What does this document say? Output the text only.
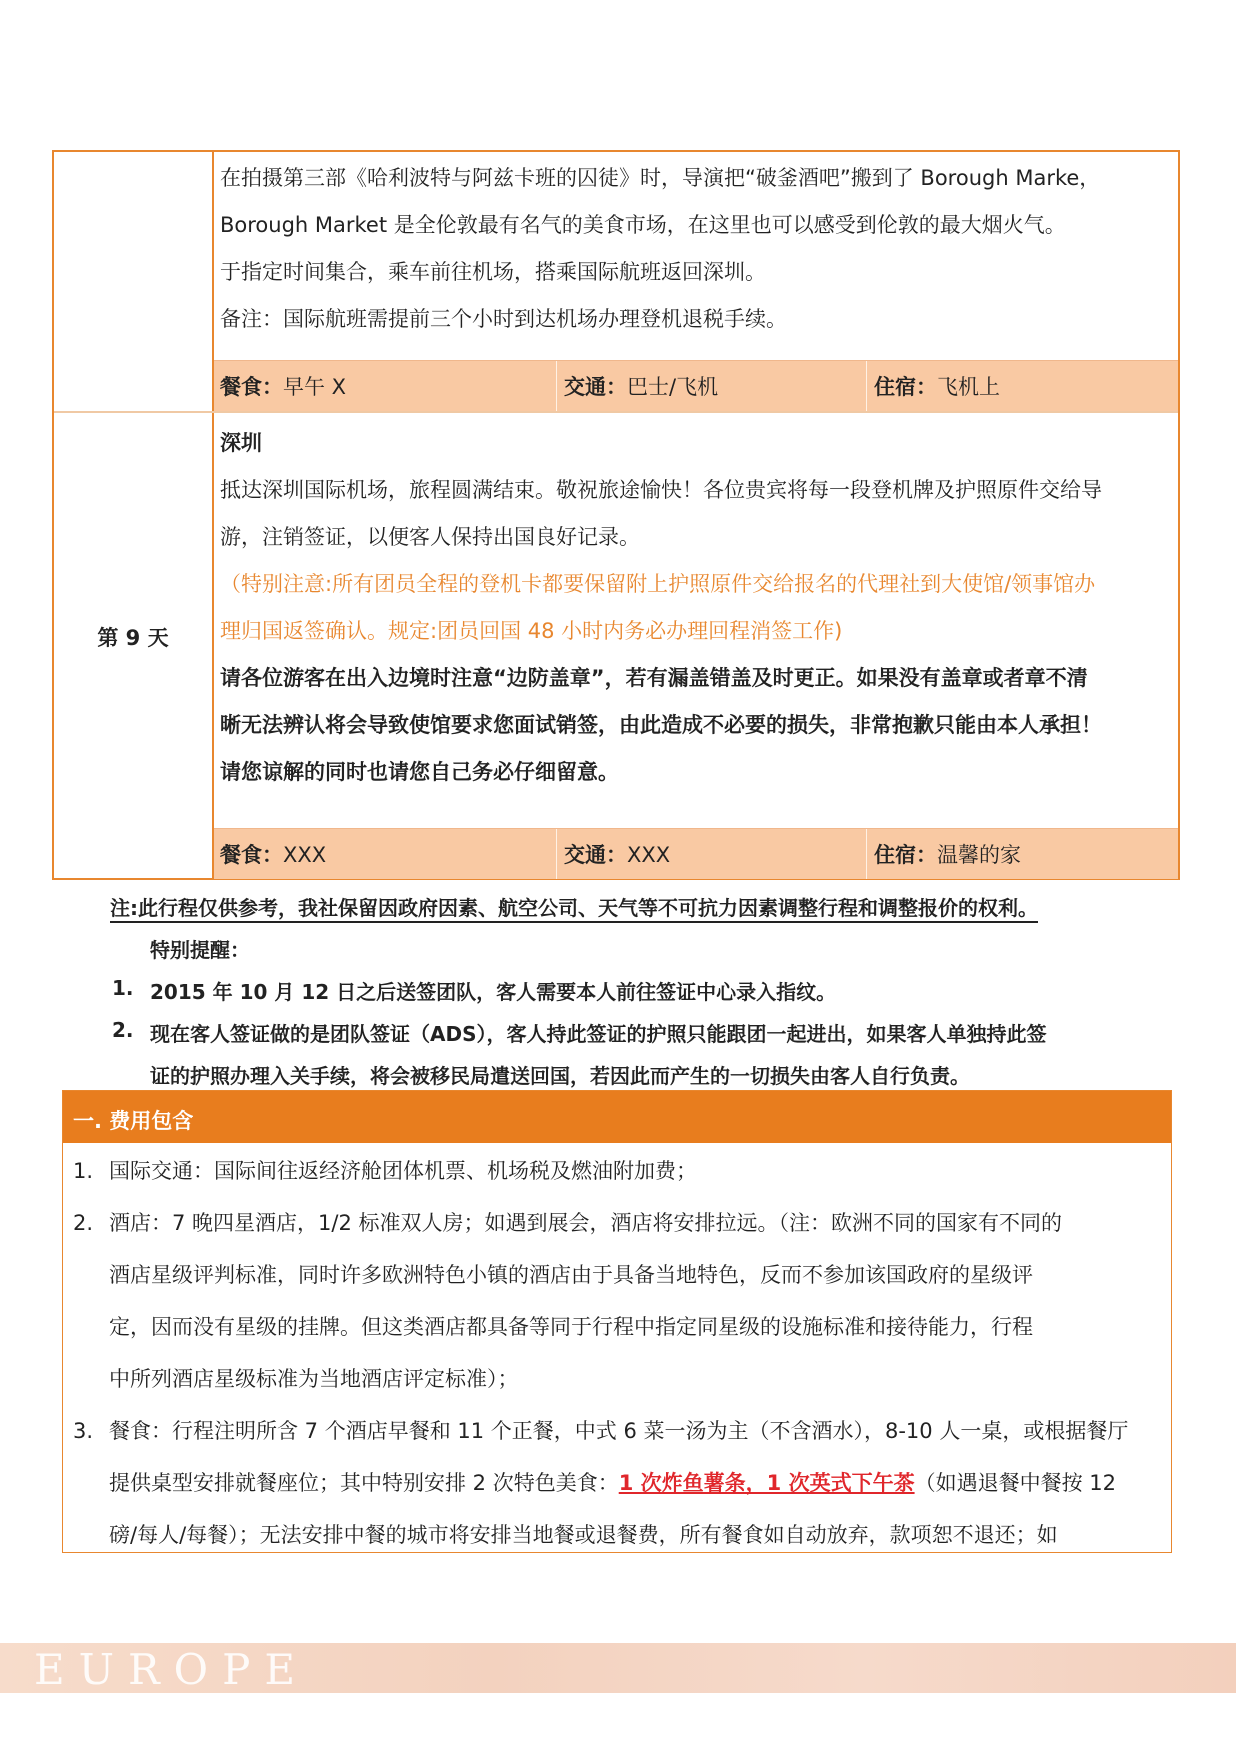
在拍摄第三部《哈利波特与阿兹卡班的囚徒》时，导演把“破釜酒吧”搬到了 Borough Marke，
Borough Market 是全伦敦最有名气的美食市场，在这里也可以感受到伦敦的最大烟火气。
于指定时间集合，乘车前往机场，搭乘国际航班返回深圳。
备注：国际航班需提前三个小时到达机场办理登机退税手续。
餐食：早午 X	交通：巴士/飞机	住宿：飞机上
第 9 天
深圳
抵达深圳国际机场，旅程圆满结束。敬祝旅途愉快！各位贵宾将每一段登机牌及护照原件交给导
游，注销签证，以便客人保持出国良好记录。
（特别注意:所有团员全程的登机卡都要保留附上护照原件交给报名的代理社到大使馆/领事馆办
理归国返签确认。规定:团员回国 48 小时内务必办理回程消签工作)
请各位游客在出入边境时注意“边防盖章”，若有漏盖错盖及时更正。如果没有盖章或者章不清
晰无法辨认将会导致使馆要求您面试销签，由此造成不必要的损失，非常抱歉只能由本人承担！
请您谅解的同时也请您自己务必仔细留意。
餐食：XXX	交通：XXX	住宿：温馨的家
注:此行程仅供参考，我社保留因政府因素、航空公司、天气等不可抗力因素调整行程和调整报价的权利。
特别提醒：
1. 2015 年 10 月 12 日之后送签团队，客人需要本人前往签证中心录入指纹。
2. 现在客人签证做的是团队签证（ADS），客人持此签证的护照只能跟团一起进出，如果客人单独持此签
证的护照办理入关手续，将会被移民局遣送回国，若因此而产生的一切损失由客人自行负责。
一. 费用包含
1. 国际交通：国际间往返经济舱团体机票、机场税及燃油附加费；
2. 酒店：7 晚四星酒店，1/2 标准双人房；如遇到展会，酒店将安排拉远。（注：欧洲不同的国家有不同的
酒店星级评判标准，同时许多欧洲特色小镇的酒店由于具备当地特色，反而不参加该国政府的星级评
定，因而没有星级的挂牌。但这类酒店都具备等同于行程中指定同星级的设施标准和接待能力，行程
中所列酒店星级标准为当地酒店评定标准）；
3. 餐食：行程注明所含 7 个酒店早餐和 11 个正餐，中式 6 菜一汤为主（不含酒水），8-10 人一桌，或根据餐厅
提供桌型安排就餐座位；其中特别安排 2 次特色美食：1 次炸鱼薯条，1 次英式下午茶（如遇退餐中餐按 12
磅/每人/每餐）；无法安排中餐的城市将安排当地餐或退餐费，所有餐食如自动放弃，款项恕不退还；如
EUROPE
